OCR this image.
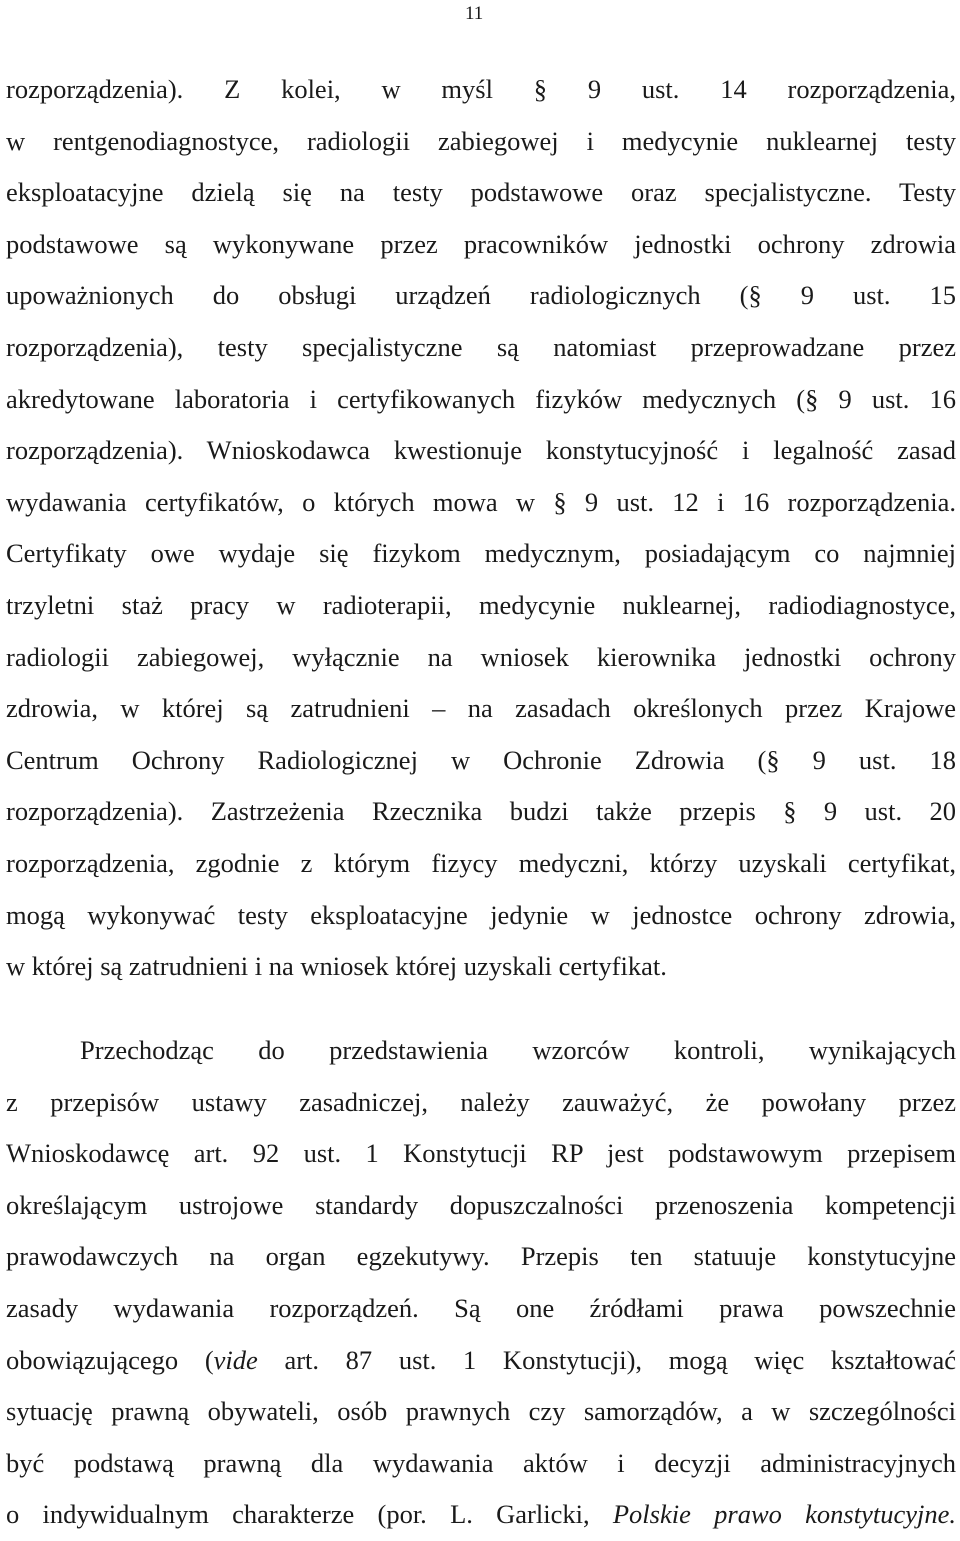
11
rozporządzenia). Z kolei, w myśl § 9 ust. 14 rozporządzenia,
w rentgenodiagnostyce, radiologii zabiegowej i medycynie nuklearnej testy
eksploatacyjne dzielą się na testy podstawowe oraz specjalistyczne. Testy
podstawowe są wykonywane przez pracowników jednostki ochrony zdrowia
upoważnionych do obsługi urządzeń radiologicznych (§ 9 ust. 15
rozporządzenia), testy specjalistyczne są natomiast przeprowadzane przez
akredytowane laboratoria i certyfikowanych fizyków medycznych (§ 9 ust. 16
rozporządzenia). Wnioskodawca kwestionuje konstytucyjność i legalność zasad
wydawania certyfikatów, o których mowa w § 9 ust. 12 i 16 rozporządzenia.
Certyfikaty owe wydaje się fizykom medycznym, posiadającym co najmniej
trzyletni staż pracy w radioterapii, medycynie nuklearnej, radiodiagnostyce,
radiologii zabiegowej, wyłącznie na wniosek kierownika jednostki ochrony
zdrowia, w której są zatrudnieni – na zasadach określonych przez Krajowe
Centrum Ochrony Radiologicznej w Ochronie Zdrowia (§ 9 ust. 18
rozporządzenia). Zastrzeżenia Rzecznika budzi także przepis § 9 ust. 20
rozporządzenia, zgodnie z którym fizycy medyczni, którzy uzyskali certyfikat,
mogą wykonywać testy eksploatacyjne jedynie w jednostce ochrony zdrowia,
w której są zatrudnieni i na wniosek której uzyskali certyfikat.
Przechodząc do przedstawienia wzorców kontroli, wynikających
z przepisów ustawy zasadniczej, należy zauważyć, że powołany przez
Wnioskodawcę art. 92 ust. 1 Konstytucji RP jest podstawowym przepisem
określającym ustrojowe standardy dopuszczalności przenoszenia kompetencji
prawodawczych na organ egzekutywy. Przepis ten statuuje konstytucyjne
zasady wydawania rozporządzeń. Są one źródłami prawa powszechnie
obowiązującego (vide art. 87 ust. 1 Konstytucji), mogą więc kształtować
sytuację prawną obywateli, osób prawnych czy samorządów, a w szczególności
być podstawą prawną dla wydawania aktów i decyzji administracyjnych
o indywidualnym charakterze (por. L. Garlicki, Polskie prawo konstytucyjne.
